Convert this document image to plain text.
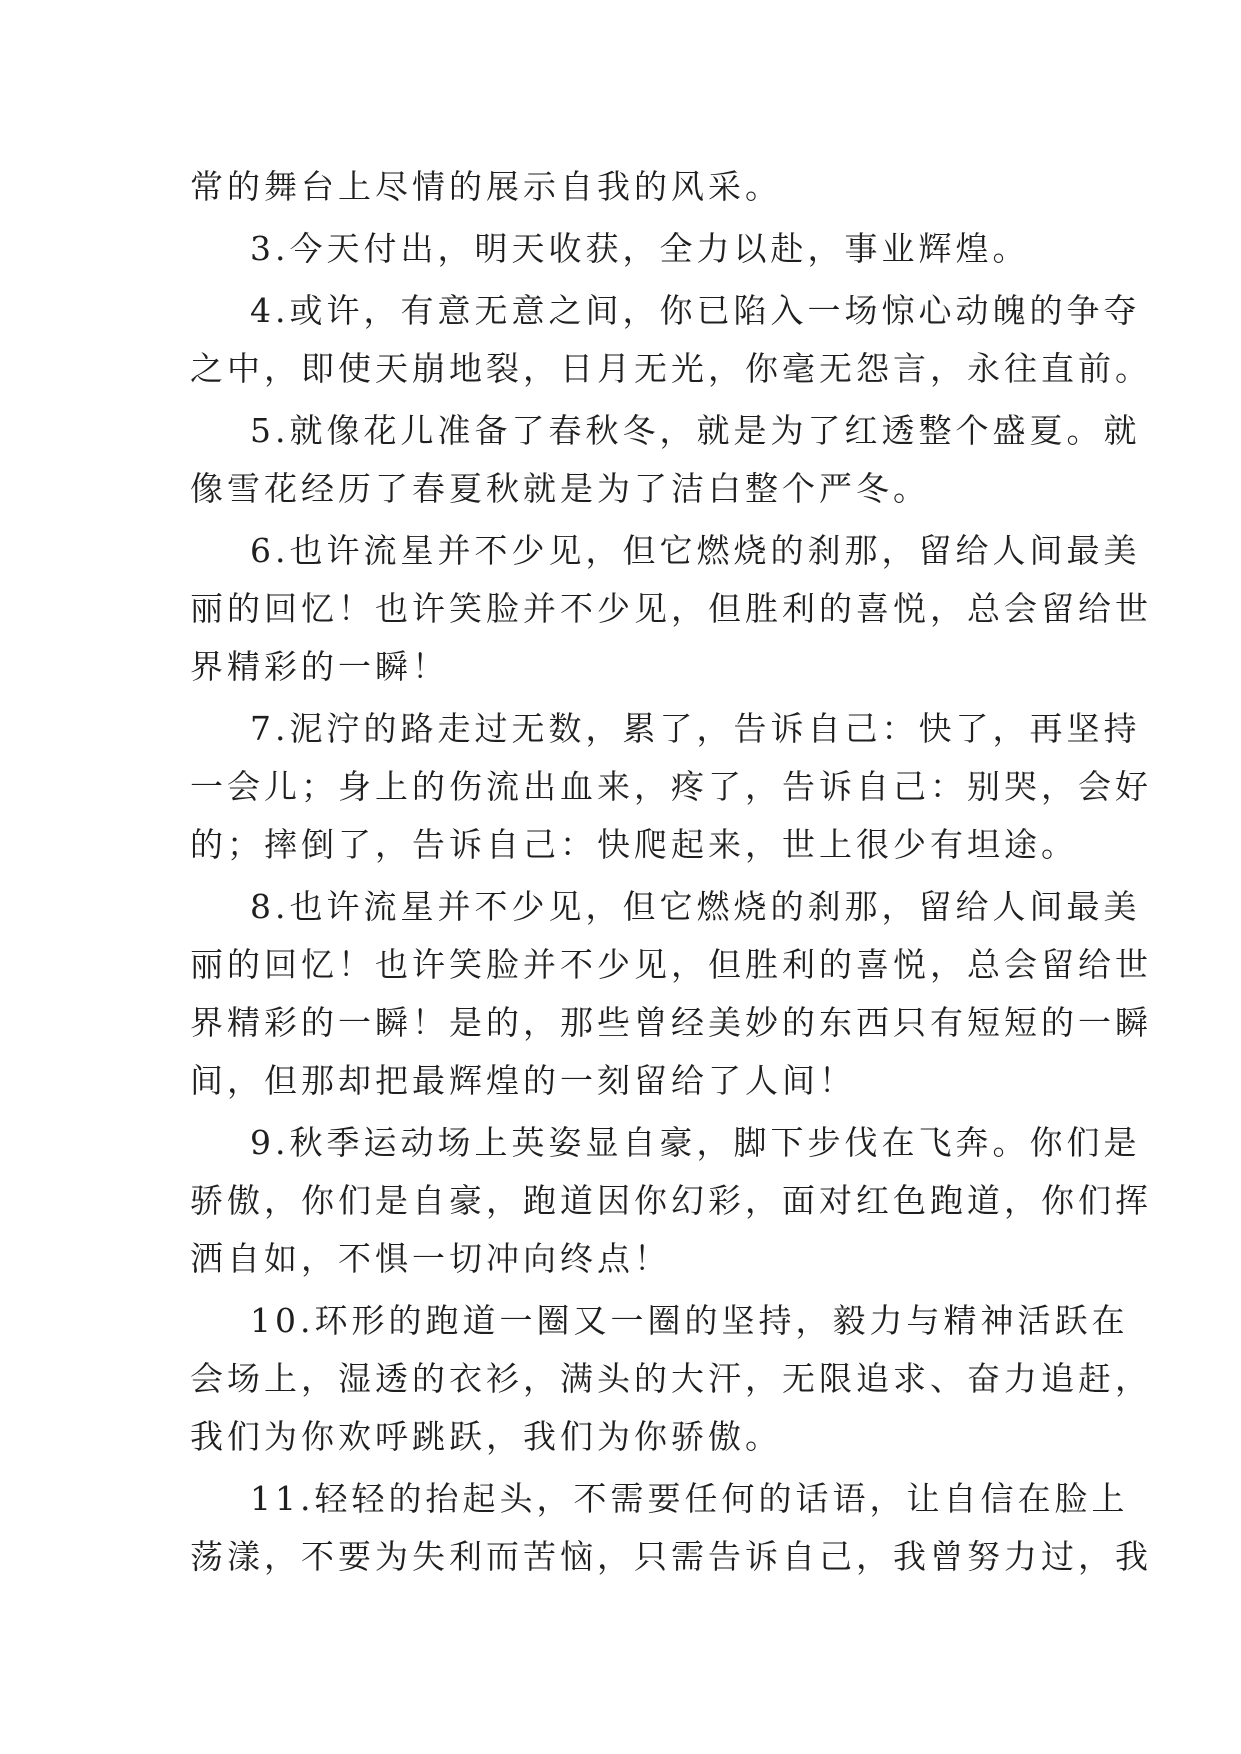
常的舞台上尽情的展示自我的风采。
3.今天付出，明天收获，全力以赴，事业辉煌。
4.或许，有意无意之间，你已陷入一场惊心动魄的争夺
之中，即使天崩地裂，日月无光，你毫无怨言，永往直前。
5.就像花儿准备了春秋冬，就是为了红透整个盛夏。就
像雪花经历了春夏秋就是为了洁白整个严冬。
6.也许流星并不少见，但它燃烧的刹那，留给人间最美
丽的回忆！也许笑脸并不少见，但胜利的喜悦，总会留给世
界精彩的一瞬！
7.泥泞的路走过无数，累了，告诉自己：快了，再坚持
一会儿；身上的伤流出血来，疼了，告诉自己：别哭，会好
的；摔倒了，告诉自己：快爬起来，世上很少有坦途。
8.也许流星并不少见，但它燃烧的刹那，留给人间最美
丽的回忆！也许笑脸并不少见，但胜利的喜悦，总会留给世
界精彩的一瞬！是的，那些曾经美妙的东西只有短短的一瞬
间，但那却把最辉煌的一刻留给了人间！
9.秋季运动场上英姿显自豪，脚下步伐在飞奔。你们是
骄傲，你们是自豪，跑道因你幻彩，面对红色跑道，你们挥
洒自如，不惧一切冲向终点！
10.环形的跑道一圈又一圈的坚持，毅力与精神活跃在
会场上，湿透的衣衫，满头的大汗，无限追求、奋力追赶，
我们为你欢呼跳跃，我们为你骄傲。
11.轻轻的抬起头，不需要任何的话语，让自信在脸上
荡漾，不要为失利而苦恼，只需告诉自己，我曾努力过，我
